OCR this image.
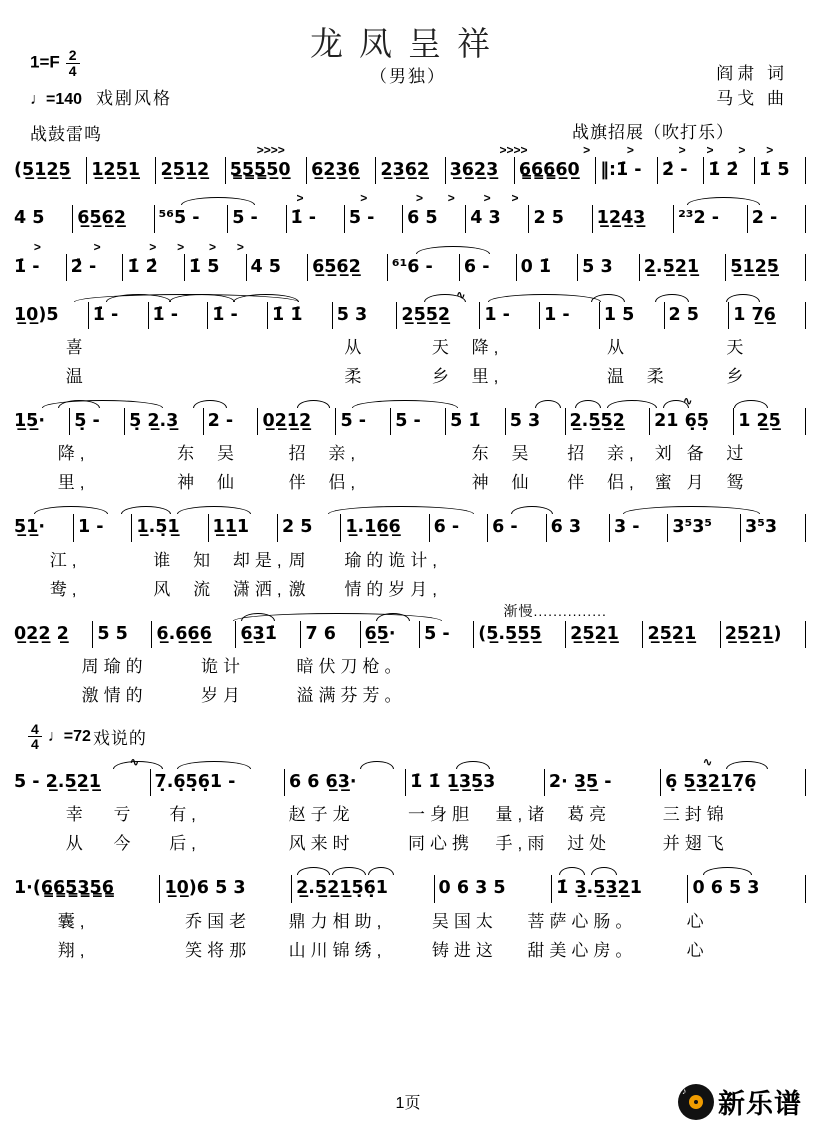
龙凤呈祥
（男独）
$1=F \frac{2}{4}$
♩=140 戏剧风格
阎肃 词
马戈 曲
战鼓雷鸣	战旗招展（吹打乐）
>>>>	>>>>	>	>	> > > >
(5̲1̲2̲5̲	1̲2̲5̲1̲	2̲5̲1̲2̲	5̳5̳5̳5̲0̲	6̲2̲3̲6̲	2̲3̲6̲2̲	3̲6̲2̲3̲	6̳6̳6̳6̲0̲	‖:1̇ -	2̇ -	1̇ 2̇	1̇ 5
>	>	> > > >
4 5	6̲5̲6̲2̲	⁵⁶5 -	5 -	1̇ -	5 -	6 5	4 3	2 5	1̲2̲4̲3̲	²³2 -	2 -
>	>	> > > >
1̇ -	2̇ -	1̇ 2̇	1̇ 5	4 5	6̲5̲6̲2̲	⁶¹6 -	6 -	0 1̇	5 3	2̲.5̲2̲1̲	5̲1̲2̲5̲
∿
1̲0̲)5	1̇ -	1̇ -	1̇ -	1̇ 1̇	5 3	2̲5̲5̲2̲	1 -	1 -	1 5	2 5	1 7̲6̲
喜	从	天 降,	从	天
温	柔	乡 里,	温 柔	乡
∿
1̲5̲·	5̣ -	5̣ 2̲.3̲	2 -	0̲2̲1̲2̲	5 -	5 -	5 1̇	5 3	2̲.5̲5̲2̲	21 6̣5̣	1 2̲5̲
降,	东 吴	招 亲,	东 吴 招 亲, 刘 备 过
里,	神 仙	伴 侣,	神 仙 伴 侣, 蜜 月 鸳
5̲1̲·	1 -	1̲.5̣1̲	1̲1̲1	2 5	1̲.1̲6̲6̲	6 -	6 -	6 3	3 -	3⁵3⁵	3⁵3
江,	谁 知 却是, 周 瑜的诡计,
鸯,	风 流 潇洒, 激 情的岁月,
渐慢...............
0̲2̲2̲ 2̲	5 5	6̲.6̲6̲6̲	6̲3̲1̇	7 6	6̲5̲·	5 -	(5̲.5̲5̲5̲	2̲5̲2̲1̲	2̲5̲2̲1̲	2̲5̲2̲1̲)
周瑜的	诡计	暗伏刀枪。
激情的	岁月	溢满芬芳。
$\frac{4}{4}$ ♩=72 戏说的
∿	∿
5 - 2̲.5̲2̲1̲	7̣.6̣5̣6̣1 -	6 6 6̲3̲·	1̇ 1̇ 1̲3̲5̲3	2· 3̲5̲ -	6̣ 5̲3̲2̲1̲7̣6̣
幸 亏 有,	赵子龙	一身胆 量, 诸 葛亮	三封锦
从 今 后,	风来时	同心携 手, 雨 过处	并翅飞
1·(6̳6̳5̳3̳5̳6̳	1̲0̲)6 5 3	2̲.5̲2̲1̲5̣6̣1	0 6 3 5	1̇ 3̲.5̲3̲2̲1	0 6 5 3
囊,	乔国老 鼎力相助,	吴国太 菩萨心肠。	心
翔,	笑将那 山川锦绣,	铸进这 甜美心房。	心
1页
♪ 新乐谱
